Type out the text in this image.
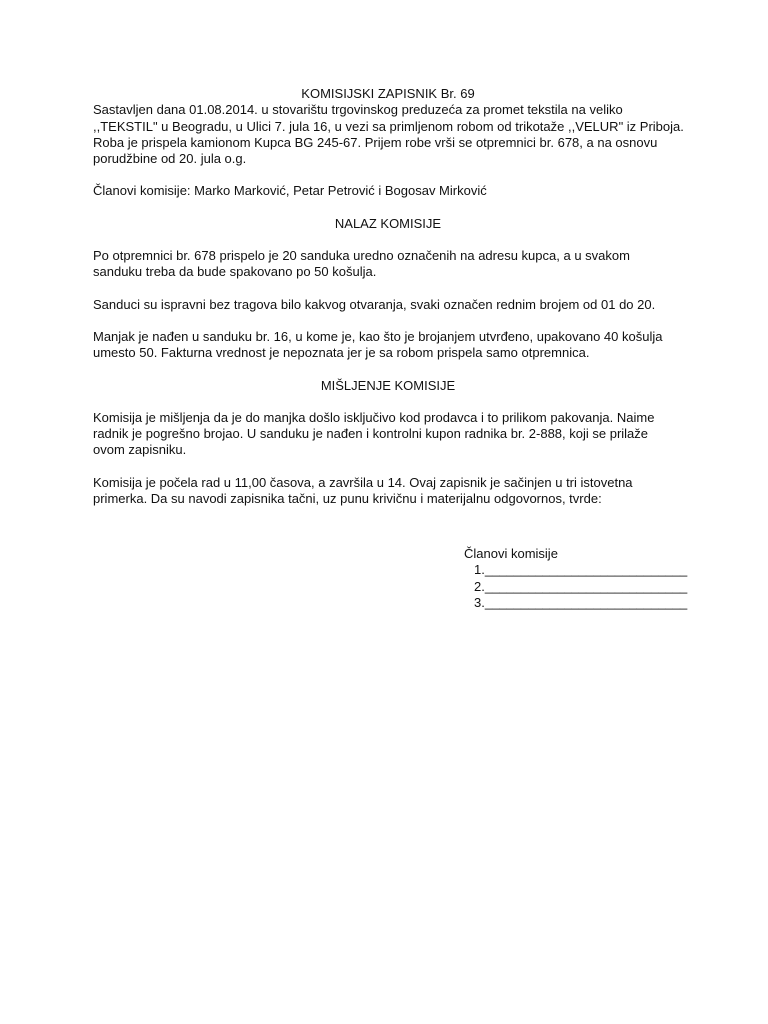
KOMISIJSKI ZAPISNIK Br. 69

Sastavljen dana 01.08.2014. u stovarištu trgovinskog preduzeća za promet tekstila na veliko
,,TEKSTIL" u Beogradu, u Ulici 7. jula 16, u vezi sa primljenom robom od trikotaže ,,VELUR" iz Priboja.
Roba je prispela kamionom Kupca BG 245-67. Prijem robe vrši se otpremnici br. 678, a na osnovu
porudžbine od 20. jula o.g.

Članovi komisije: Marko Marković, Petar Petrović i Bogosav Mirković

NALAZ KOMISIJE

Po otpremnici br. 678 prispelo je 20 sanduka uredno označenih na adresu kupca, a u svakom
sanduku treba da bude spakovano po 50 košulja.

Sanduci su ispravni bez tragova bilo kakvog otvaranja, svaki označen rednim brojem od 01 do 20.

Manjak je nađen u sanduku br. 16, u kome je, kao što je brojanjem utvrđeno, upakovano 40 košulja
umesto 50. Fakturna vrednost je nepoznata jer je sa robom prispela samo otpremnica.

MIŠLJENJE KOMISIJE

Komisija je mišljenja da je do manjka došlo isključivo kod prodavca i to prilikom pakovanja. Naime
radnik je pogrešno brojao. U sanduku je nađen i kontrolni kupon radnika br. 2-888, koji se prilaže
ovom zapisniku.

Komisija je počela rad u 11,00 časova, a završila u 14. Ovaj zapisnik je sačinjen u tri istovetna
primerka. Da su navodi zapisnika tačni, uz punu krivičnu i materijalnu odgovornos, tvrde:

Članovi komisije
1.____________________________
2.____________________________
3.____________________________
